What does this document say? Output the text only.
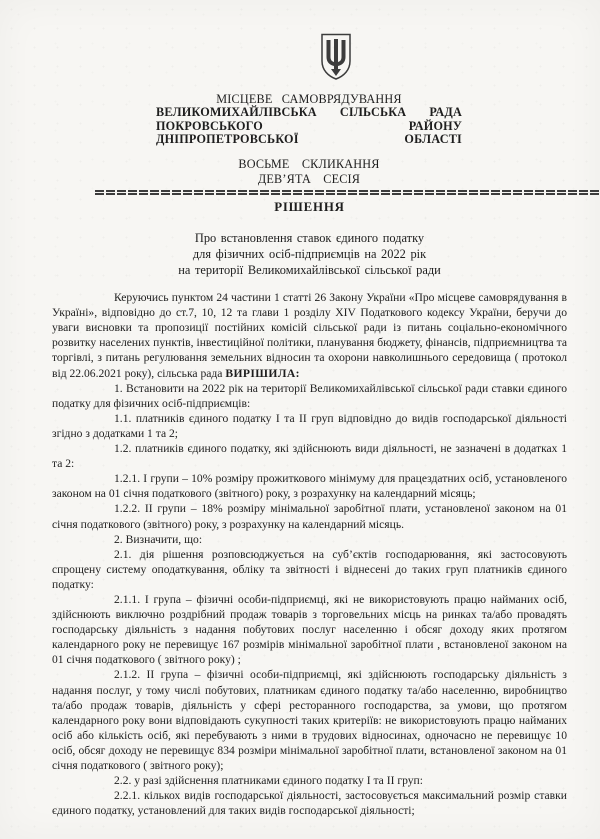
МІСЦЕВЕ САМОВРЯДУВАННЯ
ВЕЛИКОМИХАЙЛІВСЬКА СІЛЬСЬКА РАДА
ПОКРОВСЬКОГО	РАЙОНУ
ДНІПРОПЕТРОВСЬКОЇ	ОБЛАСТІ
ВОСЬМЕ СКЛИКАННЯ
ДЕВ’ЯТА СЕСІЯ
РІШЕННЯ
Про встановлення ставок єдиного податку
для фізичних осіб-підприємців на 2022 рік
на території Великомихайлівської сільської ради

Керуючись пунктом 24 частини 1 статті 26 Закону України «Про місцеве самоврядування в Україні», відповідно до ст.7, 10, 12 та глави 1 розділу XIV Податкового кодексу України, беручи до уваги висновки та пропозиції постійних комісій сільської ради із питань соціально-економічного розвитку населених пунктів, інвестиційної політики, планування бюджету, фінансів, підприємництва та торгівлі, з питань регулювання земельних відносин та охорони навколишнього середовища ( протокол від 22.06.2021 року), сільська рада ВИРІШИЛА:

1. Встановити на 2022 рік на території Великомихайлівської сільської ради ставки єдиного податку для фізичних осіб-підприємців:

1.1. платників єдиного податку І та ІІ груп відповідно до видів господарської діяльності згідно з додатками 1 та 2;

1.2. платників єдиного податку, які здійснюють види діяльності, не зазначені в додатках 1 та 2:

1.2.1. І групи – 10% розміру прожиткового мінімуму для працездатних осіб, установленого законом на 01 січня податкового (звітного) року, з розрахунку на календарний місяць;

1.2.2. ІІ групи – 18% розміру мінімальної заробітної плати, установленої законом на 01 січня податкового (звітного) року, з розрахунку на календарний місяць.

2. Визначити, що:

2.1. дія рішення розповсюджується на суб’єктів господарювання, які застосовують спрощену систему оподаткування, обліку та звітності і віднесені до таких груп платників єдиного податку:

2.1.1. І група – фізичні особи-підприємці, які не використовують працю найманих осіб, здійснюють виключно роздрібний продаж товарів з торговельних місць на ринках та/або провадять господарську діяльність з надання побутових послуг населенню і обсяг доходу яких протягом календарного року не перевищує 167 розмірів мінімальної заробітної плати , встановленої законом на 01 січня податкового ( звітного року) ;

2.1.2. ІІ група – фізичні особи-підприємці, які здійснюють господарську діяльність з надання послуг, у тому числі побутових, платникам єдиного податку та/або населенню, виробництво та/або продаж товарів, діяльність у сфері ресторанного господарства, за умови, що протягом календарного року вони відповідають сукупності таких критеріїв: не використовують працю найманих осіб або кількість осіб, які перебувають з ними в трудових відносинах, одночасно не перевищує 10 осіб, обсяг доходу не перевищує 834 розміри мінімальної заробітної плати, встановленої законом на 01 січня податкового ( звітного року);

2.2. у разі здійснення платниками єдиного податку І та ІІ груп:

2.2.1. кількох видів господарської діяльності, застосовується максимальний розмір ставки єдиного податку, установлений для таких видів господарської діяльності;
